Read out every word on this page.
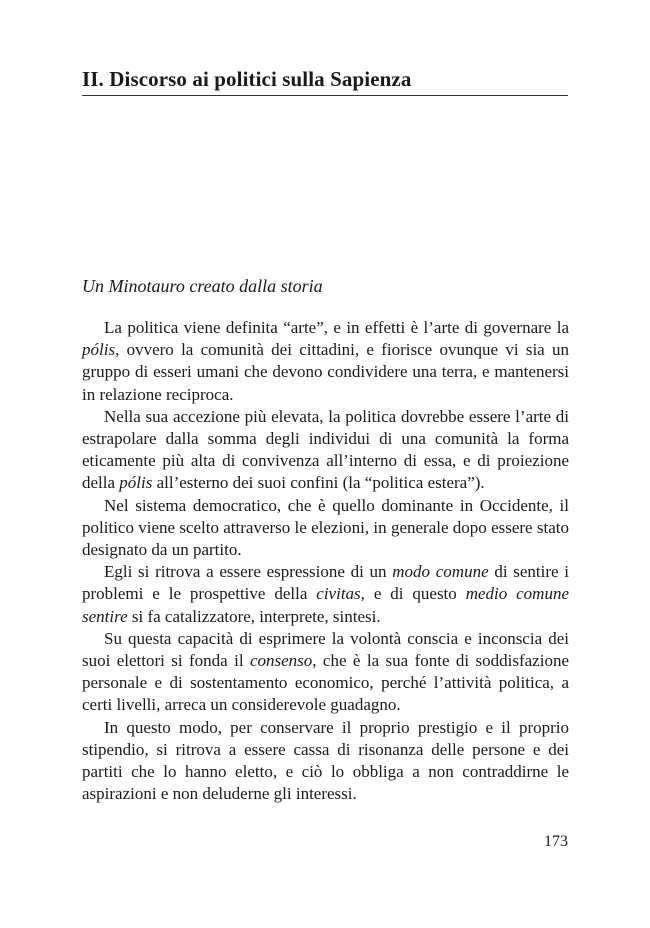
II. Discorso ai politici sulla Sapienza
Un Minotauro creato dalla storia

La politica viene definita “arte”, e in effetti è l’arte di governare la pólis, ovvero la comunità dei cittadini, e fiorisce ovunque vi sia un gruppo di esseri umani che devono condividere una terra, e mantenersi in relazione reciproca.

Nella sua accezione più elevata, la politica dovrebbe essere l’arte di estrapolare dalla somma degli individui di una comunità la forma eticamente più alta di convivenza all’interno di essa, e di proiezione della pólis all’esterno dei suoi confini (la “politica estera”).

Nel sistema democratico, che è quello dominante in Occidente, il politico viene scelto attraverso le elezioni, in generale dopo essere stato designato da un partito.

Egli si ritrova a essere espressione di un modo comune di sentire i problemi e le prospettive della civitas, e di questo medio comune sentire si fa catalizzatore, interprete, sintesi.

Su questa capacità di esprimere la volontà conscia e inconscia dei suoi elettori si fonda il consenso, che è la sua fonte di soddisfazione personale e di sostentamento economico, perché l’attività politica, a certi livelli, arreca un considerevole guadagno.

In questo modo, per conservare il proprio prestigio e il proprio stipendio, si ritrova a essere cassa di risonanza delle persone e dei partiti che lo hanno eletto, e ciò lo obbliga a non contraddirne le aspirazioni e non deluderne gli interessi.

173
